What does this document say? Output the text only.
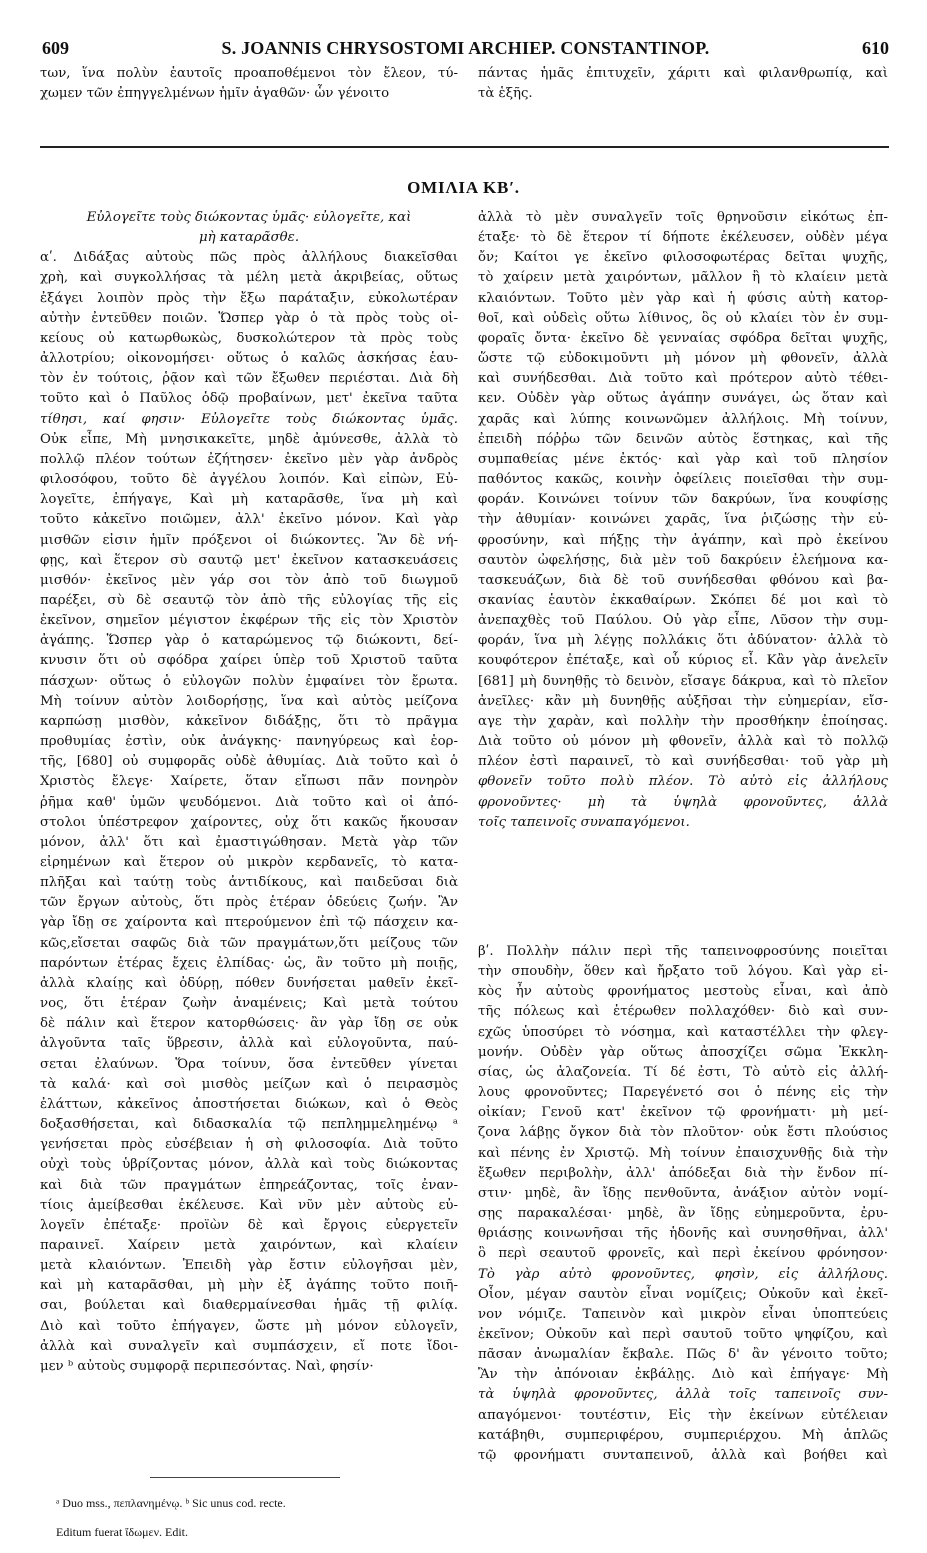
609	S. JOANNIS CHRYSOSTOMI ARCHIEP. CONSTANTINOP.	610

των, ἵνα πολὺν ἑαυτοῖς προαποθέμενοι τὸν ἔλεον, τύ-

χωμεν τῶν ἐπηγγελμένων ἡμῖν ἀγαθῶν· ὧν γένοιτο

πάντας ἡμᾶς ἐπιτυχεῖν, χάριτι καὶ φιλανθρωπίᾳ, καὶ

τὰ ἑξῆς.

ΟΜΙΛΙΑ ΚΒʹ.

Εὐλογεῖτε τοὺς διώκοντας ὑμᾶς· εὐλογεῖτε, καὶ

μὴ καταρᾶσθε.

αʹ. Διδάξας αὐτοὺς πῶς πρὸς ἀλλήλους διακεῖσθαι

χρὴ, καὶ συγκολλήσας τὰ μέλη μετὰ ἀκριβείας, οὕτως

ἐξάγει λοιπὸν πρὸς τὴν ἔξω παράταξιν, εὐκολωτέραν

αὐτὴν ἐντεῦθεν ποιῶν. Ὥσπερ γὰρ ὁ τὰ πρὸς τοὺς οἰ-

κείους οὐ κατωρθωκὼς, δυσκολώτερον τὰ πρὸς τοὺς

ἀλλοτρίου; οἰκονομήσει· οὕτως ὁ καλῶς ἀσκήσας ἑαυ-

τὸν ἐν τούτοις, ῥᾷον καὶ τῶν ἔξωθεν περιέσται. Διὰ δὴ

τοῦτο καὶ ὁ Παῦλος ὁδῷ προβαίνων, μετ' ἐκεῖνα ταῦτα

τίθησι, καί φησιν· Εὐλογεῖτε τοὺς διώκοντας ὑμᾶς.

Οὐκ εἶπε, Μὴ μνησικακεῖτε, μηδὲ ἀμύνεσθε, ἀλλὰ τὸ

πολλῷ πλέον τούτων ἐζήτησεν· ἐκεῖνο μὲν γὰρ ἀνδρὸς

φιλοσόφου, τοῦτο δὲ ἀγγέλου λοιπόν. Καὶ εἰπὼν, Εὐ-

λογεῖτε, ἐπήγαγε, Καὶ μὴ καταρᾶσθε, ἵνα μὴ καὶ

τοῦτο κἀκεῖνο ποιῶμεν, ἀλλ' ἐκεῖνο μόνον. Καὶ γὰρ

μισθῶν εἰσιν ἡμῖν πρόξενοι οἱ διώκοντες. Ἂν δὲ νή-

φῃς, καὶ ἕτερον σὺ σαυτῷ μετ' ἐκεῖνον κατασκευάσεις

μισθόν· ἐκεῖνος μὲν γάρ σοι τὸν ἀπὸ τοῦ διωγμοῦ

παρέξει, σὺ δὲ σεαυτῷ τὸν ἀπὸ τῆς εὐλογίας τῆς εἰς

ἐκεῖνον, σημεῖον μέγιστον ἐκφέρων τῆς εἰς τὸν Χριστὸν

ἀγάπης. Ὥσπερ γὰρ ὁ καταρώμενος τῷ διώκοντι, δεί-

κνυσιν ὅτι οὐ σφόδρα χαίρει ὑπὲρ τοῦ Χριστοῦ ταῦτα

πάσχων· οὕτως ὁ εὐλογῶν πολὺν ἐμφαίνει τὸν ἔρωτα.

Μὴ τοίνυν αὐτὸν λοιδορήσῃς, ἵνα καὶ αὐτὸς μείζονα

καρπώσῃ μισθὸν, κἀκεῖνον διδάξῃς, ὅτι τὸ πρᾶγμα

προθυμίας ἐστὶν, οὐκ ἀνάγκης· πανηγύρεως καὶ ἑορ-

τῆς, [680] οὐ συμφορᾶς οὐδὲ ἀθυμίας. Διὰ τοῦτο καὶ ὁ

Χριστὸς ἔλεγε· Χαίρετε, ὅταν εἴπωσι πᾶν πονηρὸν

ῥῆμα καθ' ὑμῶν ψευδόμενοι. Διὰ τοῦτο καὶ οἱ ἀπό-

στολοι ὑπέστρεφον χαίροντες, οὐχ ὅτι κακῶς ἤκουσαν

μόνον, ἀλλ' ὅτι καὶ ἐμαστιγώθησαν. Μετὰ γὰρ τῶν

εἰρημένων καὶ ἕτερον οὐ μικρὸν κερδανεῖς, τὸ κατα-

πλῆξαι καὶ ταύτῃ τοὺς ἀντιδίκους, καὶ παιδεῦσαι διὰ

τῶν ἔργων αὐτοὺς, ὅτι πρὸς ἑτέραν ὁδεύεις ζωήν. Ἂν

γὰρ ἴδῃ σε χαίροντα καὶ πτερούμενον ἐπὶ τῷ πάσχειν κα-

κῶς,εἴσεται σαφῶς διὰ τῶν πραγμάτων,ὅτι μείζους τῶν

παρόντων ἑτέρας ἔχεις ἐλπίδας· ὡς, ἂν τοῦτο μὴ ποιῇς,

ἀλλὰ κλαίῃς καὶ ὀδύρῃ, πόθεν δυνήσεται μαθεῖν ἐκεῖ-

νος, ὅτι ἑτέραν ζωὴν ἀναμένεις; Καὶ μετὰ τούτου

δὲ πάλιν καὶ ἕτερον κατορθώσεις· ἂν γὰρ ἴδῃ σε οὐκ

ἀλγοῦντα ταῖς ὕβρεσιν, ἀλλὰ καὶ εὐλογοῦντα, παύ-

σεται ἐλαύνων. Ὅρα τοίνυν, ὅσα ἐντεῦθεν γίνεται

τὰ καλά· καὶ σοὶ μισθὸς μείζων καὶ ὁ πειρασμὸς

ἐλάττων, κἀκεῖνος ἀποστήσεται διώκων, καὶ ὁ Θεὸς

δοξασθήσεται, καὶ διδασκαλία τῷ πεπλημμελημένῳ ᵃ

γενήσεται πρὸς εὐσέβειαν ἡ σὴ φιλοσοφία. Διὰ τοῦτο

οὐχὶ τοὺς ὑβρίζοντας μόνον, ἀλλὰ καὶ τοὺς διώκοντας

καὶ διὰ τῶν πραγμάτων ἐπηρεάζοντας, τοῖς ἐναν-

τίοις ἀμείβεσθαι ἐκέλευσε. Καὶ νῦν μὲν αὐτοὺς εὐ-

λογεῖν ἐπέταξε· προϊὼν δὲ καὶ ἔργοις εὐεργετεῖν

παραινεῖ. Χαίρειν μετὰ χαιρόντων, καὶ κλαίειν

μετὰ κλαιόντων. Ἐπειδὴ γὰρ ἔστιν εὐλογῆσαι μὲν,

καὶ μὴ καταρᾶσθαι, μὴ μὴν ἐξ ἀγάπης τοῦτο ποιῆ-

σαι, βούλεται καὶ διαθερμαίνεσθαι ἡμᾶς τῇ φιλίᾳ.

Διὸ καὶ τοῦτο ἐπήγαγεν, ὥστε μὴ μόνον εὐλογεῖν,

ἀλλὰ καὶ συναλγεῖν καὶ συμπάσχειν, εἴ ποτε ἴδοι-

μεν ᵇ αὐτοὺς συμφορᾷ περιπεσόντας. Ναὶ, φησίν·

ἀλλὰ τὸ μὲν συναλγεῖν τοῖς θρηνοῦσιν εἰκότως ἐπ-

έταξε· τὸ δὲ ἕτερον τί δήποτε ἐκέλευσεν, οὐδὲν μέγα

ὄν; Καίτοι γε ἐκεῖνο φιλοσοφωτέρας δεῖται ψυχῆς,

τὸ χαίρειν μετὰ χαιρόντων, μᾶλλον ἢ τὸ κλαίειν μετὰ

κλαιόντων. Τοῦτο μὲν γὰρ καὶ ἡ φύσις αὐτὴ κατορ-

θοῖ, καὶ οὐδεὶς οὕτω λίθινος, ὃς οὐ κλαίει τὸν ἐν συμ-

φοραῖς ὄντα· ἐκεῖνο δὲ γενναίας σφόδρα δεῖται ψυχῆς,

ὥστε τῷ εὐδοκιμοῦντι μὴ μόνον μὴ φθονεῖν, ἀλλὰ

καὶ συνήδεσθαι. Διὰ τοῦτο καὶ πρότερον αὐτὸ τέθει-

κεν. Οὐδὲν γὰρ οὕτως ἀγάπην συνάγει, ὡς ὅταν καὶ

χαρᾶς καὶ λύπης κοινωνῶμεν ἀλλήλοις. Μὴ τοίνυν,

ἐπειδὴ πόῤῥω τῶν δεινῶν αὐτὸς ἕστηκας, καὶ τῆς

συμπαθείας μένε ἐκτός· καὶ γὰρ καὶ τοῦ πλησίον

παθόντος κακῶς, κοινὴν ὀφείλεις ποιεῖσθαι τὴν συμ-

φοράν. Κοινώνει τοίνυν τῶν δακρύων, ἵνα κουφίσῃς

τὴν ἀθυμίαν· κοινώνει χαρᾶς, ἵνα ῥιζώσῃς τὴν εὐ-

φροσύνην, καὶ πήξῃς τὴν ἀγάπην, καὶ πρὸ ἐκείνου

σαυτὸν ὠφελήσῃς, διὰ μὲν τοῦ δακρύειν ἐλεήμονα κα-

τασκευάζων, διὰ δὲ τοῦ συνήδεσθαι φθόνου καὶ βα-

σκανίας ἑαυτὸν ἐκκαθαίρων. Σκόπει δέ μοι καὶ τὸ

ἀνεπαχθὲς τοῦ Παύλου. Οὐ γὰρ εἶπε, Λῦσον τὴν συμ-

φοράν, ἵνα μὴ λέγῃς πολλάκις ὅτι ἀδύνατον· ἀλλὰ τὸ

κουφότερον ἐπέταξε, καὶ οὗ κύριος εἶ. Κἂν γὰρ ἀνελεῖν

[681] μὴ δυνηθῇς τὸ δεινὸν, εἴσαγε δάκρυα, καὶ τὸ πλεῖον

ἀνεῖλες· κἂν μὴ δυνηθῇς αὐξῆσαι τὴν εὐημερίαν, εἴσ-

αγε τὴν χαρὰν, καὶ πολλὴν τὴν προσθήκην ἐποίησας.

Διὰ τοῦτο οὐ μόνον μὴ φθονεῖν, ἀλλὰ καὶ τὸ πολλῷ

πλέον ἐστὶ παραινεῖ, τὸ καὶ συνήδεσθαι· τοῦ γὰρ μὴ

φθονεῖν τοῦτο πολὺ πλέον. Τὸ αὐτὸ εἰς ἀλλήλους

φρονοῦντες· μὴ τὰ ὑψηλὰ φρονοῦντες, ἀλλὰ

τοῖς ταπεινοῖς συναπαγόμενοι.

βʹ. Πολλὴν πάλιν περὶ τῆς ταπεινοφροσύνης ποιεῖται

τὴν σπουδὴν, ὅθεν καὶ ἤρξατο τοῦ λόγου. Καὶ γὰρ εἰ-

κὸς ἦν αὐτοὺς φρονήματος μεστοὺς εἶναι, καὶ ἀπὸ

τῆς πόλεως καὶ ἑτέρωθεν πολλαχόθεν· διὸ καὶ συν-

εχῶς ὑποσύρει τὸ νόσημα, καὶ καταστέλλει τὴν φλεγ-

μονήν. Οὐδὲν γὰρ οὕτως ἀποσχίζει σῶμα Ἐκκλη-

σίας, ὡς ἀλαζονεία. Τί δέ ἐστι, Τὸ αὐτὸ εἰς ἀλλή-

λους φρονοῦντες; Παρεγένετό σοι ὁ πένης εἰς τὴν

οἰκίαν; Γενοῦ κατ' ἐκεῖνον τῷ φρονήματι· μὴ μεί-

ζονα λάβῃς ὄγκον διὰ τὸν πλοῦτον· οὐκ ἔστι πλούσιος

καὶ πένης ἐν Χριστῷ. Μὴ τοίνυν ἐπαισχυνθῇς διὰ τὴν

ἔξωθεν περιβολὴν, ἀλλ' ἀπόδεξαι διὰ τὴν ἔνδον πί-

στιν· μηδὲ, ἂν ἴδῃς πενθοῦντα, ἀνάξιον αὐτὸν νομί-

σῃς παρακαλέσαι· μηδὲ, ἂν ἴδῃς εὐημεροῦντα, ἐρυ-

θριάσῃς κοινωνῆσαι τῆς ἡδονῆς καὶ συνησθῆναι, ἀλλ'

ὃ περὶ σεαυτοῦ φρονεῖς, καὶ περὶ ἐκείνου φρόνησον·

Τὸ γὰρ αὐτὸ φρονοῦντες, φησὶν, εἰς ἀλλήλους.

Οἷον, μέγαν σαυτὸν εἶναι νομίζεις; Οὐκοῦν καὶ ἐκεῖ-

νον νόμιζε. Ταπεινὸν καὶ μικρὸν εἶναι ὑποπτεύεις

ἐκεῖνον; Οὐκοῦν καὶ περὶ σαυτοῦ τοῦτο ψηφίζου, καὶ

πᾶσαν ἀνωμαλίαν ἔκβαλε. Πῶς δ' ἂν γένοιτο τοῦτο;

Ἂν τὴν ἀπόνοιαν ἐκβάλῃς. Διὸ καὶ ἐπήγαγε· Μὴ

τὰ ὑψηλὰ φρονοῦντες, ἀλλὰ τοῖς ταπεινοῖς συν-

απαγόμενοι· τουτέστιν, Εἰς τὴν ἐκείνων εὐτέλειαν

κατάβηθι, συμπεριφέρου, συμπεριέρχου. Μὴ ἁπλῶς

τῷ φρονήματι συνταπεινοῦ, ἀλλὰ καὶ βοήθει καὶ

ᵃ Duo mss., πεπλανημένῳ. ᵇ Sic unus cod. recte.

Editum fuerat ἴδωμεν. Edit.
